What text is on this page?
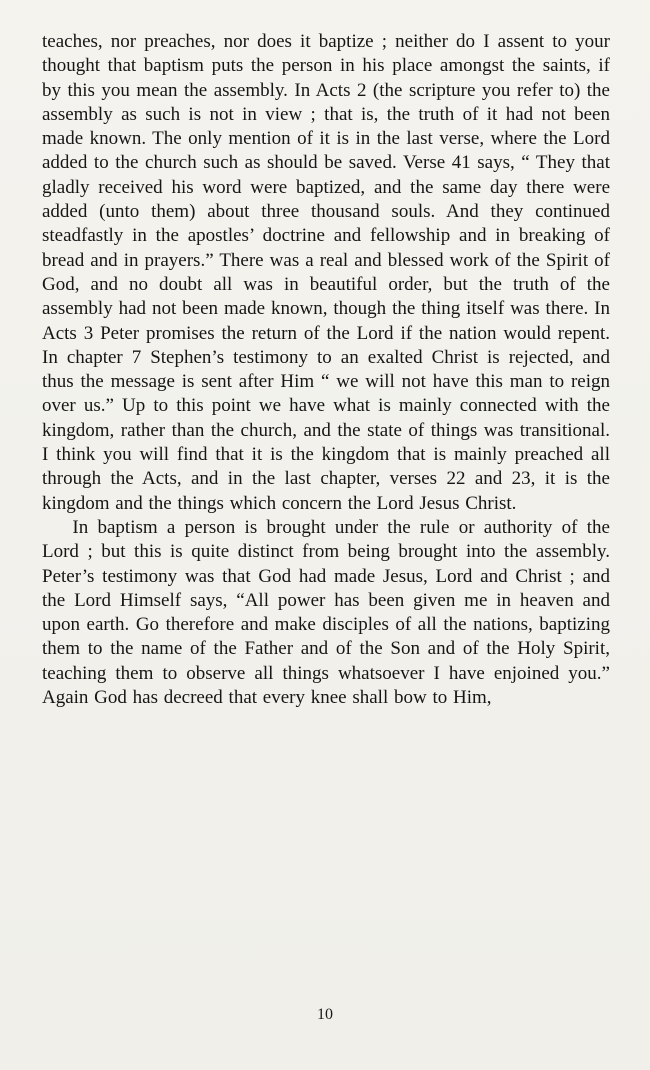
teaches, nor preaches, nor does it baptize ; neither do I assent to your thought that baptism puts the person in his place amongst the saints, if by this you mean the assembly. In Acts 2 (the scripture you refer to) the assembly as such is not in view ; that is, the truth of it had not been made known. The only mention of it is in the last verse, where the Lord added to the church such as should be saved. Verse 41 says, “ They that gladly received his word were baptized, and the same day there were added (unto them) about three thousand souls. And they continued steadfastly in the apostles’ doctrine and fellowship and in breaking of bread and in prayers.” There was a real and blessed work of the Spirit of God, and no doubt all was in beautiful order, but the truth of the assembly had not been made known, though the thing itself was there. In Acts 3 Peter promises the return of the Lord if the nation would repent. In chapter 7 Stephen’s testimony to an exalted Christ is rejected, and thus the message is sent after Him “ we will not have this man to reign over us.” Up to this point we have what is mainly connected with the kingdom, rather than the church, and the state of things was transitional. I think you will find that it is the kingdom that is mainly preached all through the Acts, and in the last chapter, verses 22 and 23, it is the kingdom and the things which concern the Lord Jesus Christ.

In baptism a person is brought under the rule or authority of the Lord ; but this is quite distinct from being brought into the assembly. Peter’s testimony was that God had made Jesus, Lord and Christ ; and the Lord Himself says, “All power has been given me in heaven and upon earth. Go therefore and make disciples of all the nations, baptizing them to the name of the Father and of the Son and of the Holy Spirit, teaching them to observe all things whatsoever I have enjoined you.” Again God has decreed that every knee shall bow to Him,

10
